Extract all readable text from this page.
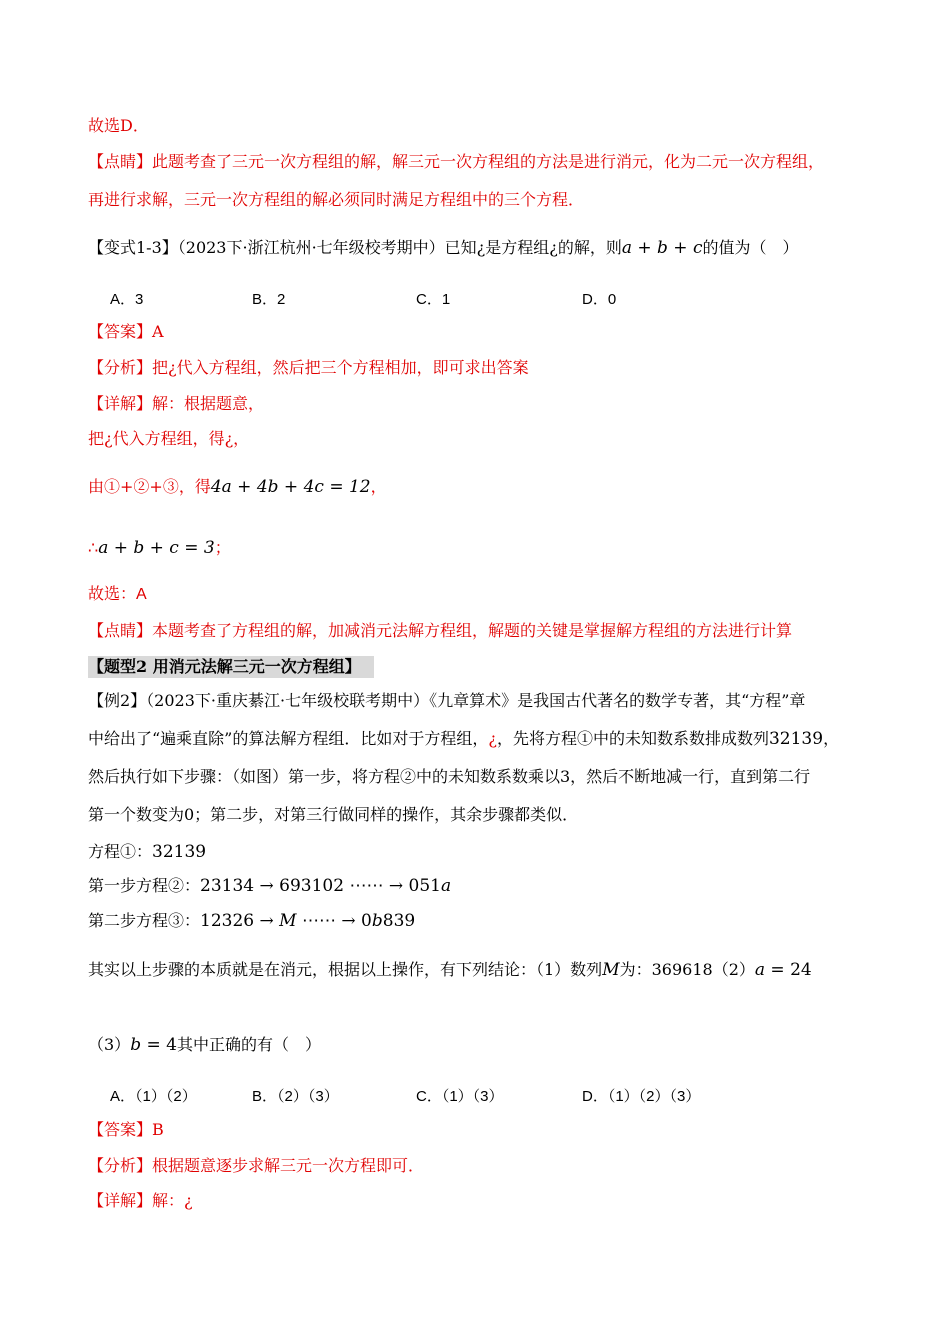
故选D．
【点睛】此题考查了三元一次方程组的解，解三元一次方程组的方法是进行消元，化为二元一次方程组，
再进行求解，三元一次方程组的解必须同时满足方程组中的三个方程．
【变式1-3】（2023下·浙江杭州·七年级校考期中）已知¿是方程组¿的解，则a + b + c的值为（　）
A．3	B．2	C．1	D．0
【答案】A
【分析】把¿代入方程组，然后把三个方程相加，即可求出答案
【详解】解：根据题意，
把¿代入方程组，得¿，
由①+②+③，得4a + 4b + 4c = 12，
∴a + b + c = 3；
故选：A
【点睛】本题考查了方程组的解，加减消元法解方程组，解题的关键是掌握解方程组的方法进行计算
【题型2 用消元法解三元一次方程组】
【例2】（2023下·重庆綦江·七年级校联考期中）《九章算术》是我国古代著名的数学专著，其“方程”章
中给出了“遍乘直除”的算法解方程组．比如对于方程组，¿，先将方程①中的未知数系数排成数列32139，
然后执行如下步骤：（如图）第一步，将方程②中的未知数系数乘以3，然后不断地减一行，直到第二行
第一个数变为0；第二步，对第三行做同样的操作，其余步骤都类似．
方程①：32139
第一步方程②：23134 → 693102 ⋯⋯ → 051a
第二步方程③：12326 → M ⋯⋯ → 0b839
其实以上步骤的本质就是在消元，根据以上操作，有下列结论：（1）数列M为：369618（2）a = 24
（3）b = 4其中正确的有（　）
A．（1）（2）	B．（2）（3）	C．（1）（3）	D．（1）（2）（3）
【答案】B
【分析】根据题意逐步求解三元一次方程即可．
【详解】解：¿
